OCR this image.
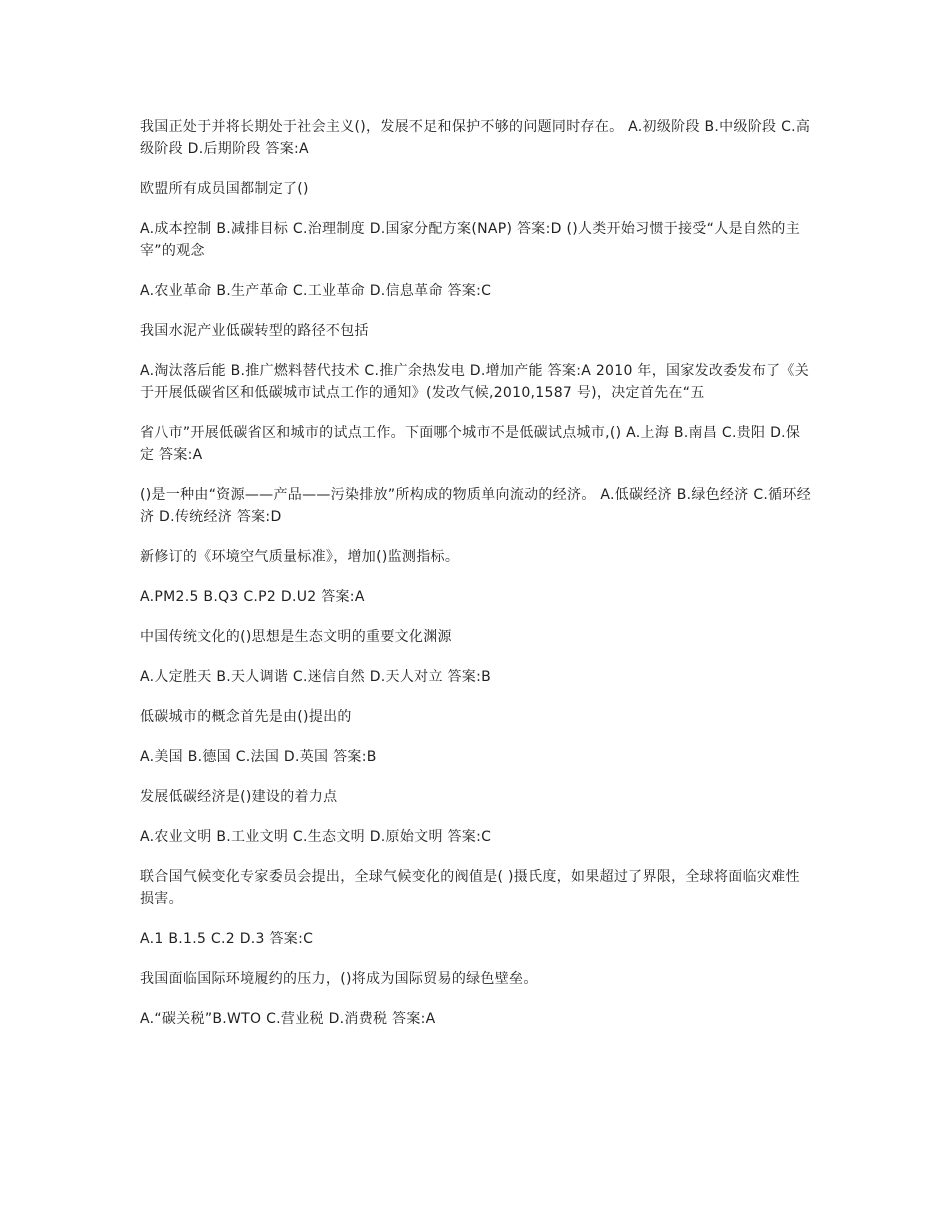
我国正处于并将长期处于社会主义()，发展不足和保护不够的问题同时存在。 A.初级阶段 B.中级阶段 C.高级阶段 D.后期阶段 答案:A

欧盟所有成员国都制定了()

A.成本控制 B.减排目标 C.治理制度 D.国家分配方案(NAP) 答案:D ()人类开始习惯于接受“人是自然的主宰”的观念

A.农业革命 B.生产革命 C.工业革命 D.信息革命 答案:C

我国水泥产业低碳转型的路径不包括

A.淘汰落后能 B.推广燃料替代技术 C.推广余热发电 D.增加产能 答案:A 2010 年，国家发改委发布了《关于开展低碳省区和低碳城市试点工作的通知》(发改气候,2010,1587 号)，决定首先在“五

省八市”开展低碳省区和城市的试点工作。下面哪个城市不是低碳试点城市,() A.上海 B.南昌 C.贵阳 D.保定 答案:A

()是一种由“资源——产品——污染排放”所构成的物质单向流动的经济。 A.低碳经济 B.绿色经济 C.循环经济 D.传统经济 答案:D

新修订的《环境空气质量标准》，增加()监测指标。

A.PM2.5 B.Q3 C.P2 D.U2 答案:A

中国传统文化的()思想是生态文明的重要文化渊源

A.人定胜天 B.天人调谐 C.迷信自然 D.天人对立 答案:B

低碳城市的概念首先是由()提出的

A.美国 B.德国 C.法国 D.英国 答案:B

发展低碳经济是()建设的着力点

A.农业文明 B.工业文明 C.生态文明 D.原始文明 答案:C

联合国气候变化专家委员会提出，全球气候变化的阀值是( )摄氏度，如果超过了界限，全球将面临灾难性损害。

A.1 B.1.5 C.2 D.3 答案:C

我国面临国际环境履约的压力，()将成为国际贸易的绿色壁垒。

A.“碳关税”B.WTO C.营业税 D.消费税 答案:A
